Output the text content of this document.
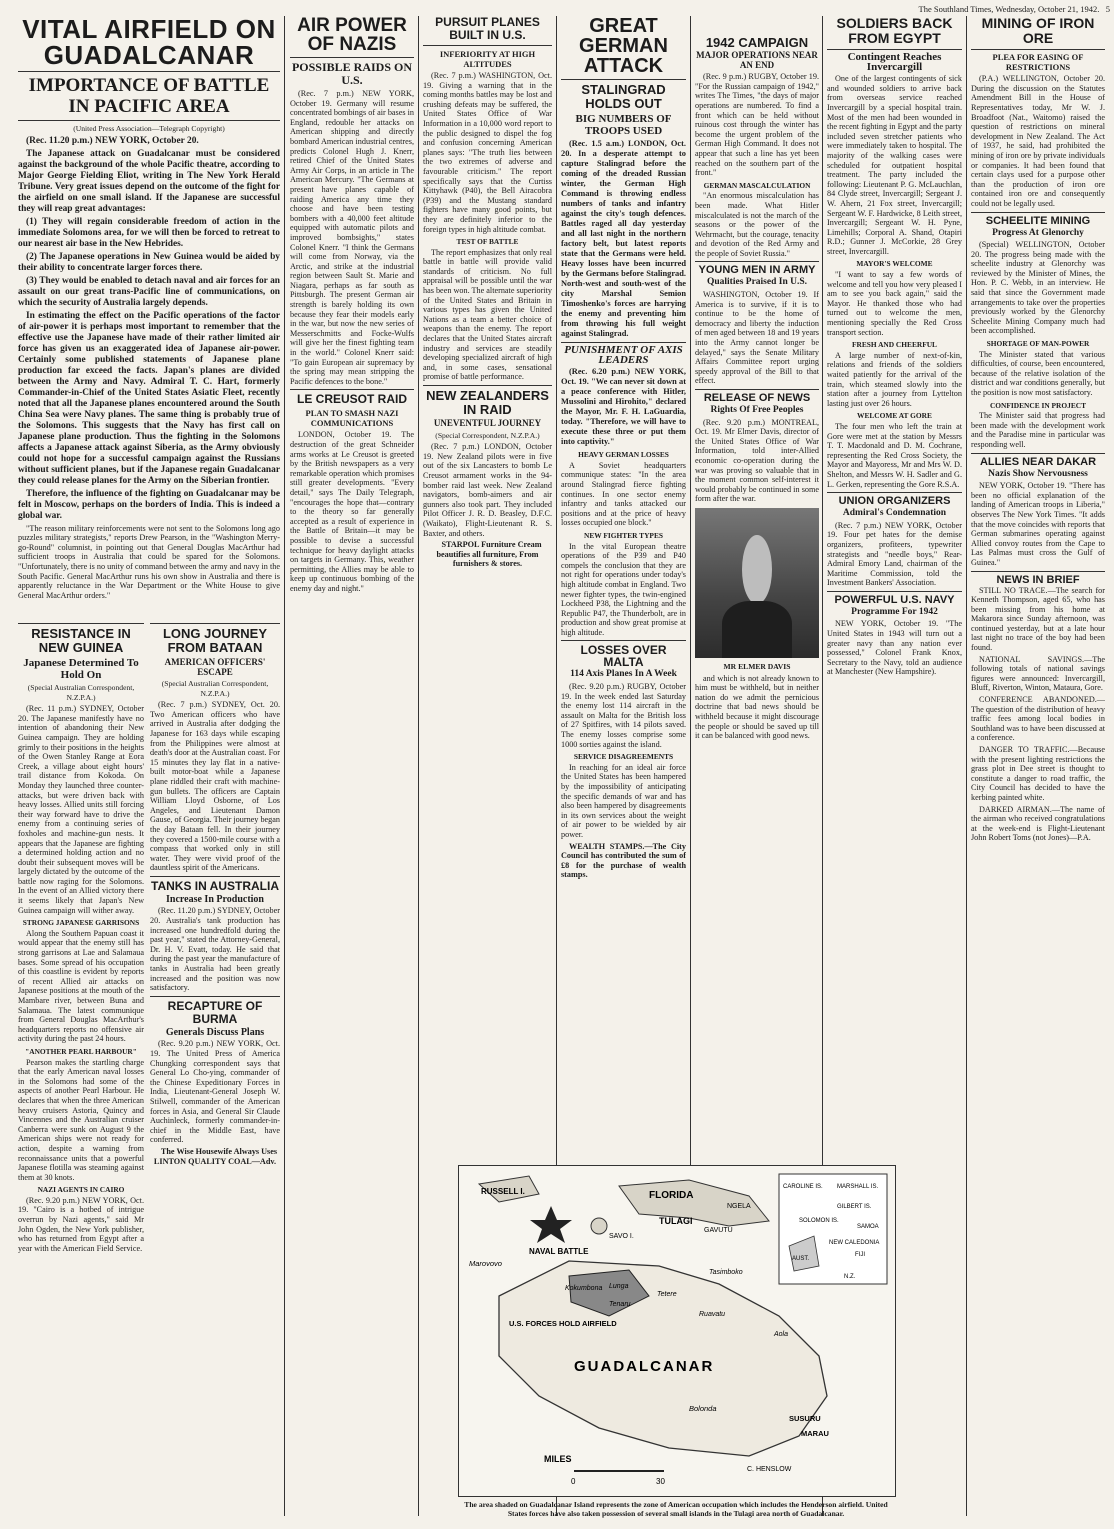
The Southland Times, Wednesday, October 21, 1942. 5
VITAL AIRFIELD ON GUADALCANAR
IMPORTANCE OF BATTLE IN PACIFIC AREA
(United Press Association—Telegraph Copyright)

(Rec. 11.20 p.m.) NEW YORK, October 20.

The Japanese attack on Guadalcanar must be considered against the background of the whole Pacific theatre, according to Major George Fielding Eliot, writing in The New York Herald Tribune. Very great issues depend on the outcome of the fight for the airfield on one small island. If the Japanese are successful they will reap great advantages:

(1) They will regain considerable freedom of action in the immediate Solomons area, for we will then be forced to retreat to our nearest air base in the New Hebrides.

(2) The Japanese operations in New Guinea would be aided by their ability to concentrate larger forces there.

(3) They would be enabled to detach naval and air forces for an assault on our great trans-Pacific line of communications, on which the security of Australia largely depends.

In estimating the effect on the Pacific operations of the factor of air-power it is perhaps most important to remember that the effective use the Japanese have made of their rather limited air force has given us an exaggerated idea of Japanese air-power. Certainly some published statements of Japanese plane production far exceed the facts. Japan's planes are divided between the Army and Navy. Admiral T. C. Hart, formerly Commander-in-Chief of the United States Asiatic Fleet, recently noted that all the Japanese planes encountered around the South China Sea were Navy planes. The same thing is probably true of the Solomons. This suggests that the Navy has first call on Japanese plane production. Thus the fighting in the Solomons affects a Japanese attack against Siberia, as the Army obviously could not hope for a successful campaign against the Russians without sufficient planes, but if the Japanese regain Guadalcanar they could release planes for the Army on the Siberian frontier.

Therefore, the influence of the fighting on Guadalcanar may be felt in Moscow, perhaps on the borders of India. This is indeed a global war.

"The reason military reinforcements were not sent to the Solomons long ago puzzles military strategists," reports Drew Pearson, in the "Washington Merry-go-Round" columnist, in pointing out that General Douglas MacArthur had sufficient troops in Australia that could be spared for the Solomons. "Unfortunately, there is no unity of command between the army and navy in the South Pacific. General MacArthur runs his own show in Australia and there is apparently reluctance in the War Department or the White House to give General MacArthur orders."

RESISTANCE IN NEW GUINEA
Japanese Determined To Hold On
(Special Australian Correspondent, N.Z.P.A.)

(Rec. 11 p.m.) SYDNEY, October 20. The Japanese manifestly have no intention of abandoning their New Guinea campaign. They are holding grimly to their positions in the heights of the Owen Stanley Range at Eora Creek, a village about eight hours' trail distance from Kokoda. On Monday they launched three counter-attacks, but were driven back with heavy losses. Allied units still forcing their way forward have to drive the enemy from a continuing series of foxholes and machine-gun nests. It appears that the Japanese are fighting a determined holding action and no doubt their subsequent moves will be largely dictated by the outcome of the battle now raging for the Solomons. In the event of an Allied victory there it seems likely that Japan's New Guinea campaign will wither away.

STRONG JAPANESE GARRISONS

Along the Southern Papuan coast it would appear that the enemy still has strong garrisons at Lae and Salamaua bases. Some spread of his occupation of this coastline is evident by reports of recent Allied air attacks on Japanese positions at the mouth of the Mambare river, between Buna and Salamaua. The latest communique from General Douglas MacArthur's headquarters reports no offensive air activity during the past 24 hours.

"ANOTHER PEARL HARBOUR"

Pearson makes the startling charge that the early American naval losses in the Solomons had some of the aspects of another Pearl Harbour. He declares that when the three American heavy cruisers Astoria, Quincy and Vincennes and the Australian cruiser Canberra were sunk on August 9 the American ships were not ready for action, despite a warning from reconnaissance units that a powerful Japanese flotilla was steaming against them at 30 knots.

NAZI AGENTS IN CAIRO

(Rec. 9.20 p.m.) NEW YORK, Oct. 19. "Cairo is a hotbed of intrigue overrun by Nazi agents," said Mr John Ogden, the New York publisher, who has returned from Egypt after a year with the American Field Service.

LONG JOURNEY FROM BATAAN
AMERICAN OFFICERS' ESCAPE
(Special Australian Correspondent, N.Z.P.A.)

(Rec. 7 p.m.) SYDNEY, Oct. 20. Two American officers who have arrived in Australia after dodging the Japanese for 163 days while escaping from the Philippines were almost at death's door at the Australian coast. For 15 minutes they lay flat in a native-built motor-boat while a Japanese plane riddled their craft with machine-gun bullets. The officers are Captain William Lloyd Osborne, of Los Angeles, and Lieutenant Damon Gause, of Georgia. Their journey began the day Bataan fell. In their journey they covered a 1500-mile course with a compass that worked only in still water. They were vivid proof of the dauntless spirit of the Americans.

TANKS IN AUSTRALIA
Increase In Production

(Rec. 11.20 p.m.) SYDNEY, October 20. Australia's tank production has increased one hundredfold during the past year," stated the Attorney-General, Dr. H. V. Evatt, today. He said that during the past year the manufacture of tanks in Australia had been greatly increased and the position was now satisfactory.

RECAPTURE OF BURMA
Generals Discuss Plans

(Rec. 9.20 p.m.) NEW YORK, Oct. 19. The United Press of America Chungking correspondent says that General Lo Cho-ying, commander of the Chinese Expeditionary Forces in India, Lieutenant-General Joseph W. Stilwell, commander of the American forces in Asia, and General Sir Claude Auchinleck, formerly commander-in-chief in the Middle East, have conferred.

The Wise Housewife Always Uses LINTON QUALITY COAL—Adv.

AIR POWER OF NAZIS
POSSIBLE RAIDS ON U.S.

(Rec. 7 p.m.) NEW YORK, October 19. Germany will resume concentrated bombings of air bases in England, redouble her attacks on American shipping and directly bombard American industrial centres, predicts Colonel Hugh J. Knerr, retired Chief of the United States Army Air Corps, in an article in The American Mercury. "The Germans at present have planes capable of raiding America any time they choose and have been testing bombers with a 40,000 feet altitude equipped with automatic pilots and improved bombsights," states Colonel Knerr. "I think the Germans will come from Norway, via the Arctic, and strike at the industrial region between Sault St. Marie and Niagara, perhaps as far south as Pittsburgh. The present German air strength is barely holding its own because they fear their models early in the war, but now the new series of Messerschmitts and Focke-Wulfs will give her the finest fighting team in the world." Colonel Knerr said: "To gain European air supremacy by the spring may mean stripping the Pacific defences to the bone."

LE CREUSOT RAID
PLAN TO SMASH NAZI COMMUNICATIONS

LONDON, October 19. The destruction of the great Schneider arms works at Le Creusot is greeted by the British newspapers as a very remarkable operation which promises still greater developments. "Every detail," says The Daily Telegraph, "encourages the hope that—contrary to the theory so far generally accepted as a result of experience in the Battle of Britain—it may be possible to devise a successful technique for heavy daylight attacks on targets in Germany. This, weather permitting, the Allies may be able to keep up continuous bombing of the enemy day and night."

PURSUIT PLANES BUILT IN U.S.
INFERIORITY AT HIGH ALTITUDES

(Rec. 7 p.m.) WASHINGTON, Oct. 19. Giving a warning that in the coming months battles may be lost and crushing defeats may be suffered, the United States Office of War Information in a 10,000 word report to the public designed to dispel the fog and confusion concerning American planes says: "The truth lies between the two extremes of adverse and favourable criticism." The report specifically says that the Curtiss Kittyhawk (P40), the Bell Airacobra (P39) and the Mustang standard fighters have many good points, but they are definitely inferior to the foreign types in high altitude combat.

TEST OF BATTLE

The report emphasizes that only real battle in battle will provide valid standards of criticism. No full appraisal will be possible until the war has been won. The alternate superiority of the United States and Britain in various types has given the United Nations as a team a better choice of weapons than the enemy. The report declares that the United States aircraft industry and services are steadily developing specialized aircraft of high and, in some cases, sensational promise of battle performance.

NEW ZEALANDERS IN RAID
UNEVENTFUL JOURNEY
(Special Correspondent, N.Z.P.A.)

(Rec. 7 p.m.) LONDON, October 19. New Zealand pilots were in five out of the six Lancasters to bomb Le Creusot armament works in the 94-bomber raid last week. New Zealand navigators, bomb-aimers and air gunners also took part. They included Pilot Officer J. R. D. Beasley, D.F.C. (Waikato), Flight-Lieutenant R. S. Baxter, and others.

STARPOL Furniture Cream beautifies all furniture, From furnishers & stores.

GREAT GERMAN ATTACK
STALINGRAD HOLDS OUT
BIG NUMBERS OF TROOPS USED

(Rec. 1.5 a.m.) LONDON, Oct. 20. In a desperate attempt to capture Stalingrad before the coming of the dreaded Russian winter, the German High Command is throwing endless numbers of tanks and infantry against the city's tough defences. Battles raged all day yesterday and all last night in the northern factory belt, but latest reports state that the Germans were held. Heavy losses have been incurred by the Germans before Stalingrad. North-west and south-west of the city Marshal Semion Timoshenko's forces are harrying the enemy and preventing him from throwing his full weight against Stalingrad.

PUNISHMENT OF AXIS LEADERS

(Rec. 6.20 p.m.) NEW YORK, Oct. 19. "We can never sit down at a peace conference with Hitler, Mussolini and Hirohito," declared the Mayor, Mr. F. H. LaGuardia, today. "Therefore, we will have to execute these three or put them into captivity."

HEAVY GERMAN LOSSES

A Soviet headquarters communique states: "In the area around Stalingrad fierce fighting continues. In one sector enemy infantry and tanks attacked our positions and at the price of heavy losses occupied one block."

NEW FIGHTER TYPES

In the vital European theatre operations of the P39 and P40 compels the conclusion that they are not right for operations under today's high altitude combat in England. Two newer fighter types, the twin-engined Lockheed P38, the Lightning and the Republic P47, the Thunderbolt, are in production and show great promise at high altitude.

LOSSES OVER MALTA
114 Axis Planes In A Week

(Rec. 9.20 p.m.) RUGBY, October 19. In the week ended last Saturday the enemy lost 114 aircraft in the assault on Malta for the British loss of 27 Spitfires, with 14 pilots saved. The enemy losses comprise some 1000 sorties against the island.

SERVICE DISAGREEMENTS

In reaching for an ideal air force the United States has been hampered by the impossibility of anticipating the specific demands of war and has also been hampered by disagreements in its own services about the weight of air power to be wielded by air power.

WEALTH STAMPS.—The City Council has contributed the sum of £8 for the purchase of wealth stamps.

1942 CAMPAIGN
MAJOR OPERATIONS NEAR AN END

(Rec. 9 p.m.) RUGBY, October 19. "For the Russian campaign of 1942," writes The Times, "the days of major operations are numbered. To find a front which can be held without ruinous cost through the winter has become the urgent problem of the German High Command. It does not appear that such a line has yet been reached on the southern part of the front."

GERMAN MASCALCULATION

"An enormous miscalculation has been made. What Hitler miscalculated is not the march of the seasons or the power of the Wehrmacht, but the courage, tenacity and devotion of the Red Army and the people of Soviet Russia."

YOUNG MEN IN ARMY
Qualities Praised In U.S.

WASHINGTON, October 19. If America is to survive, if it is to continue to be the home of democracy and liberty the induction of men aged between 18 and 19 years into the Army cannot longer be delayed," says the Senate Military Affairs Committee report urging speedy approval of the Bill to that effect.

RELEASE OF NEWS
Rights Of Free Peoples

(Rec. 9.20 p.m.) MONTREAL, Oct. 19. Mr Elmer Davis, director of the United States Office of War Information, told inter-Allied economic co-operation during the war was proving so valuable that in the moment common self-interest it would probably be continued in some form after the war.

MR ELMER DAVIS

and which is not already known to him must be withheld, but in neither nation do we admit the pernicious doctrine that bad news should be withheld because it might discourage the people or should be saved up till it can be balanced with good news.

SOLDIERS BACK FROM EGYPT
Contingent Reaches Invercargill

One of the largest contingents of sick and wounded soldiers to arrive back from overseas service reached Invercargill by a special hospital train. Most of the men had been wounded in the recent fighting in Egypt and the party included seven stretcher patients who were immediately taken to hospital. The majority of the walking cases were scheduled for outpatient hospital treatment. The party included the following: Lieutenant P. G. McLauchlan, 84 Clyde street, Invercargill; Sergeant J. W. Ahern, 21 Fox street, Invercargill; Sergeant W. F. Hardwicke, 8 Leith street, Invercargill; Sergeant W. H. Pyne, Limehills; Corporal A. Shand, Otapiri R.D.; Gunner J. McCorkie, 28 Grey street, Invercargill.

MAYOR'S WELCOME

"I want to say a few words of welcome and tell you how very pleased I am to see you back again," said the Mayor. He thanked those who had turned out to welcome the men, mentioning specially the Red Cross transport section.

FRESH AND CHEERFUL

A large number of next-of-kin, relations and friends of the soldiers waited patiently for the arrival of the train, which steamed slowly into the station after a journey from Lyttelton lasting just over 26 hours.

WELCOME AT GORE

The four men who left the train at Gore were met at the station by Messrs T. T. Macdonald and D. M. Cochrane, representing the Red Cross Society, the Mayor and Mayoress, Mr and Mrs W. D. Shelton, and Messrs W. H. Sadler and G. L. Gerken, representing the Gore R.S.A.

UNION ORGANIZERS
Admiral's Condemnation

(Rec. 7 p.m.) NEW YORK, October 19. Four pet hates for the demise organizers, profiteers, typewriter strategists and "needle boys," Rear-Admiral Emory Land, chairman of the Maritime Commission, told the Investment Bankers' Association.

POWERFUL U.S. NAVY
Programme For 1942

NEW YORK, October 19. "The United States in 1943 will turn out a greater navy than any nation ever possessed," Colonel Frank Knox, Secretary to the Navy, told an audience at Manchester (New Hampshire).

MINING OF IRON ORE
PLEA FOR EASING OF RESTRICTIONS

(P.A.) WELLINGTON, October 20. During the discussion on the Statutes Amendment Bill in the House of Representatives today, Mr W. J. Broadfoot (Nat., Waitomo) raised the question of restrictions on mineral development in New Zealand. The Act of 1937, he said, had prohibited the mining of iron ore by private individuals or companies. It had been found that certain clays used for a purpose other than the production of iron ore contained iron ore and consequently could not be legally used.

SCHEELITE MINING
Progress At Glenorchy

(Special) WELLINGTON, October 20. The progress being made with the scheelite industry at Glenorchy was reviewed by the Minister of Mines, the Hon. P. C. Webb, in an interview. He said that since the Government made arrangements to take over the properties previously worked by the Glenorchy Scheelite Mining Company much had been accomplished.

SHORTAGE OF MAN-POWER

The Minister stated that various difficulties, of course, been encountered, because of the relative isolation of the district and war conditions generally, but the position is now most satisfactory.

CONFIDENCE IN PROJECT

The Minister said that progress had been made with the development work and the Paradise mine in particular was responding well.

ALLIES NEAR DAKAR
Nazis Show Nervousness

NEW YORK, October 19. "There has been no official explanation of the landing of American troops in Liberia," observes The New York Times. "It adds that the move coincides with reports that German submarines operating against Allied convoy routes from the Cape to Las Palmas must cross the Gulf of Guinea."

NEWS IN BRIEF

STILL NO TRACE.—The search for Kenneth Thompson, aged 65, who has been missing from his home at Makarora since Sunday afternoon, was continued yesterday, but at a late hour last night no trace of the boy had been found.

NATIONAL SAVINGS.—The following totals of national savings figures were announced: Invercargill, Bluff, Riverton, Winton, Mataura, Gore.

CONFERENCE ABANDONED.—The question of the distribution of heavy traffic fees among local bodies in Southland was to have been discussed at a conference.

DANGER TO TRAFFIC.—Because with the present lighting restrictions the grass plot in Dee street is thought to constitute a danger to road traffic, the City Council has decided to have the kerbing painted white.

DARKED AIRMAN.—The name of the airman who received congratulations at the week-end is Flight-Lieutenant John Robert Toms (not Jones)—P.A.

MILES
0	30
RUSSELL I.
NAVAL BATTLE
SAVO I.
FLORIDA
TULAGI
GAVUTU
NGELA
Marovovo
Kokumbona Lunga
Tenaru
Tetere
Tasimboko
Aola
Ruavatu
GUADALCANAR
U.S. FORCES HOLD AIRFIELD
Bolonda
SUSURU
MARAU
C. HENSLOW
CAROLINE IS. MARSHALL IS.
GILBERT IS.
SOLOMON IS.
AUST.
NEW CALEDONIA
SAMOA
FIJI
N.Z.
The area shaded on Guadalcanar Island represents the zone of American occupation which includes the Henderson airfield. United States forces have also taken possession of several small islands in the Tulagi area north of Guadalcanar.
